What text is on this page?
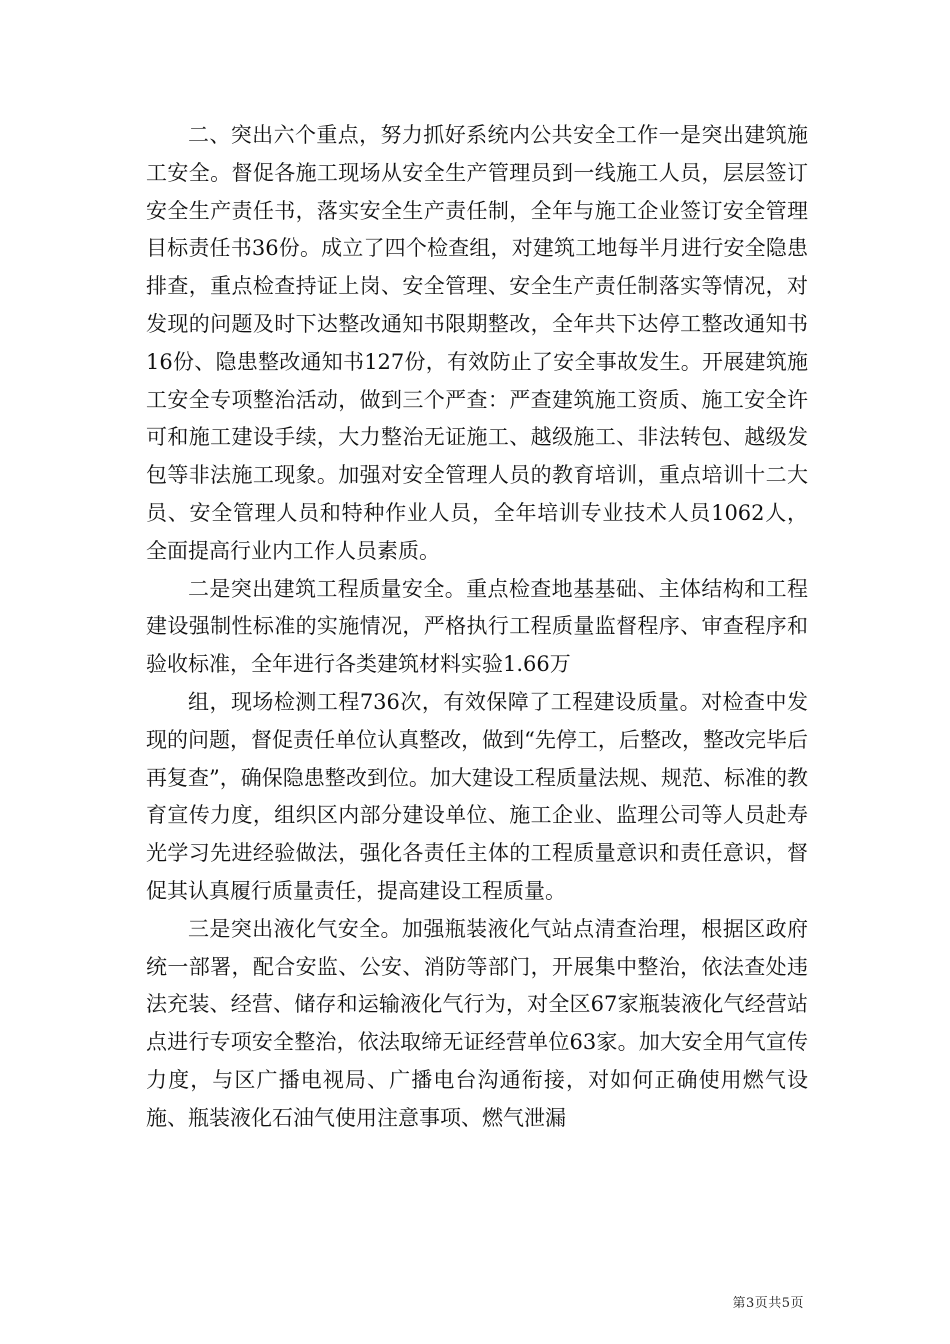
二、突出六个重点，努力抓好系统内公共安全工作一是突出建筑施工安全。督促各施工现场从安全生产管理员到一线施工人员，层层签订安全生产责任书，落实安全生产责任制，全年与施工企业签订安全管理目标责任书36份。成立了四个检查组，对建筑工地每半月进行安全隐患排查，重点检查持证上岗、安全管理、安全生产责任制落实等情况，对发现的问题及时下达整改通知书限期整改，全年共下达停工整改通知书16份、隐患整改通知书127份，有效防止了安全事故发生。开展建筑施工安全专项整治活动，做到三个严查：严查建筑施工资质、施工安全许可和施工建设手续，大力整治无证施工、越级施工、非法转包、越级发包等非法施工现象。加强对安全管理人员的教育培训，重点培训十二大员、安全管理人员和特种作业人员，全年培训专业技术人员1062人，全面提高行业内工作人员素质。

二是突出建筑工程质量安全。重点检查地基基础、主体结构和工程建设强制性标准的实施情况，严格执行工程质量监督程序、审查程序和验收标准，全年进行各类建筑材料实验1.66万

组，现场检测工程736次，有效保障了工程建设质量。对检查中发现的问题，督促责任单位认真整改，做到“先停工，后整改，整改完毕后再复查”，确保隐患整改到位。加大建设工程质量法规、规范、标准的教育宣传力度，组织区内部分建设单位、施工企业、监理公司等人员赴寿光学习先进经验做法，强化各责任主体的工程质量意识和责任意识，督促其认真履行质量责任，提高建设工程质量。

三是突出液化气安全。加强瓶装液化气站点清查治理，根据区政府统一部署，配合安监、公安、消防等部门，开展集中整治，依法查处违法充装、经营、储存和运输液化气行为，对全区67家瓶装液化气经营站点进行专项安全整治，依法取缔无证经营单位63家。加大安全用气宣传力度，与区广播电视局、广播电台沟通衔接，对如何正确使用燃气设施、瓶装液化石油气使用注意事项、燃气泄漏

第3页共5页
